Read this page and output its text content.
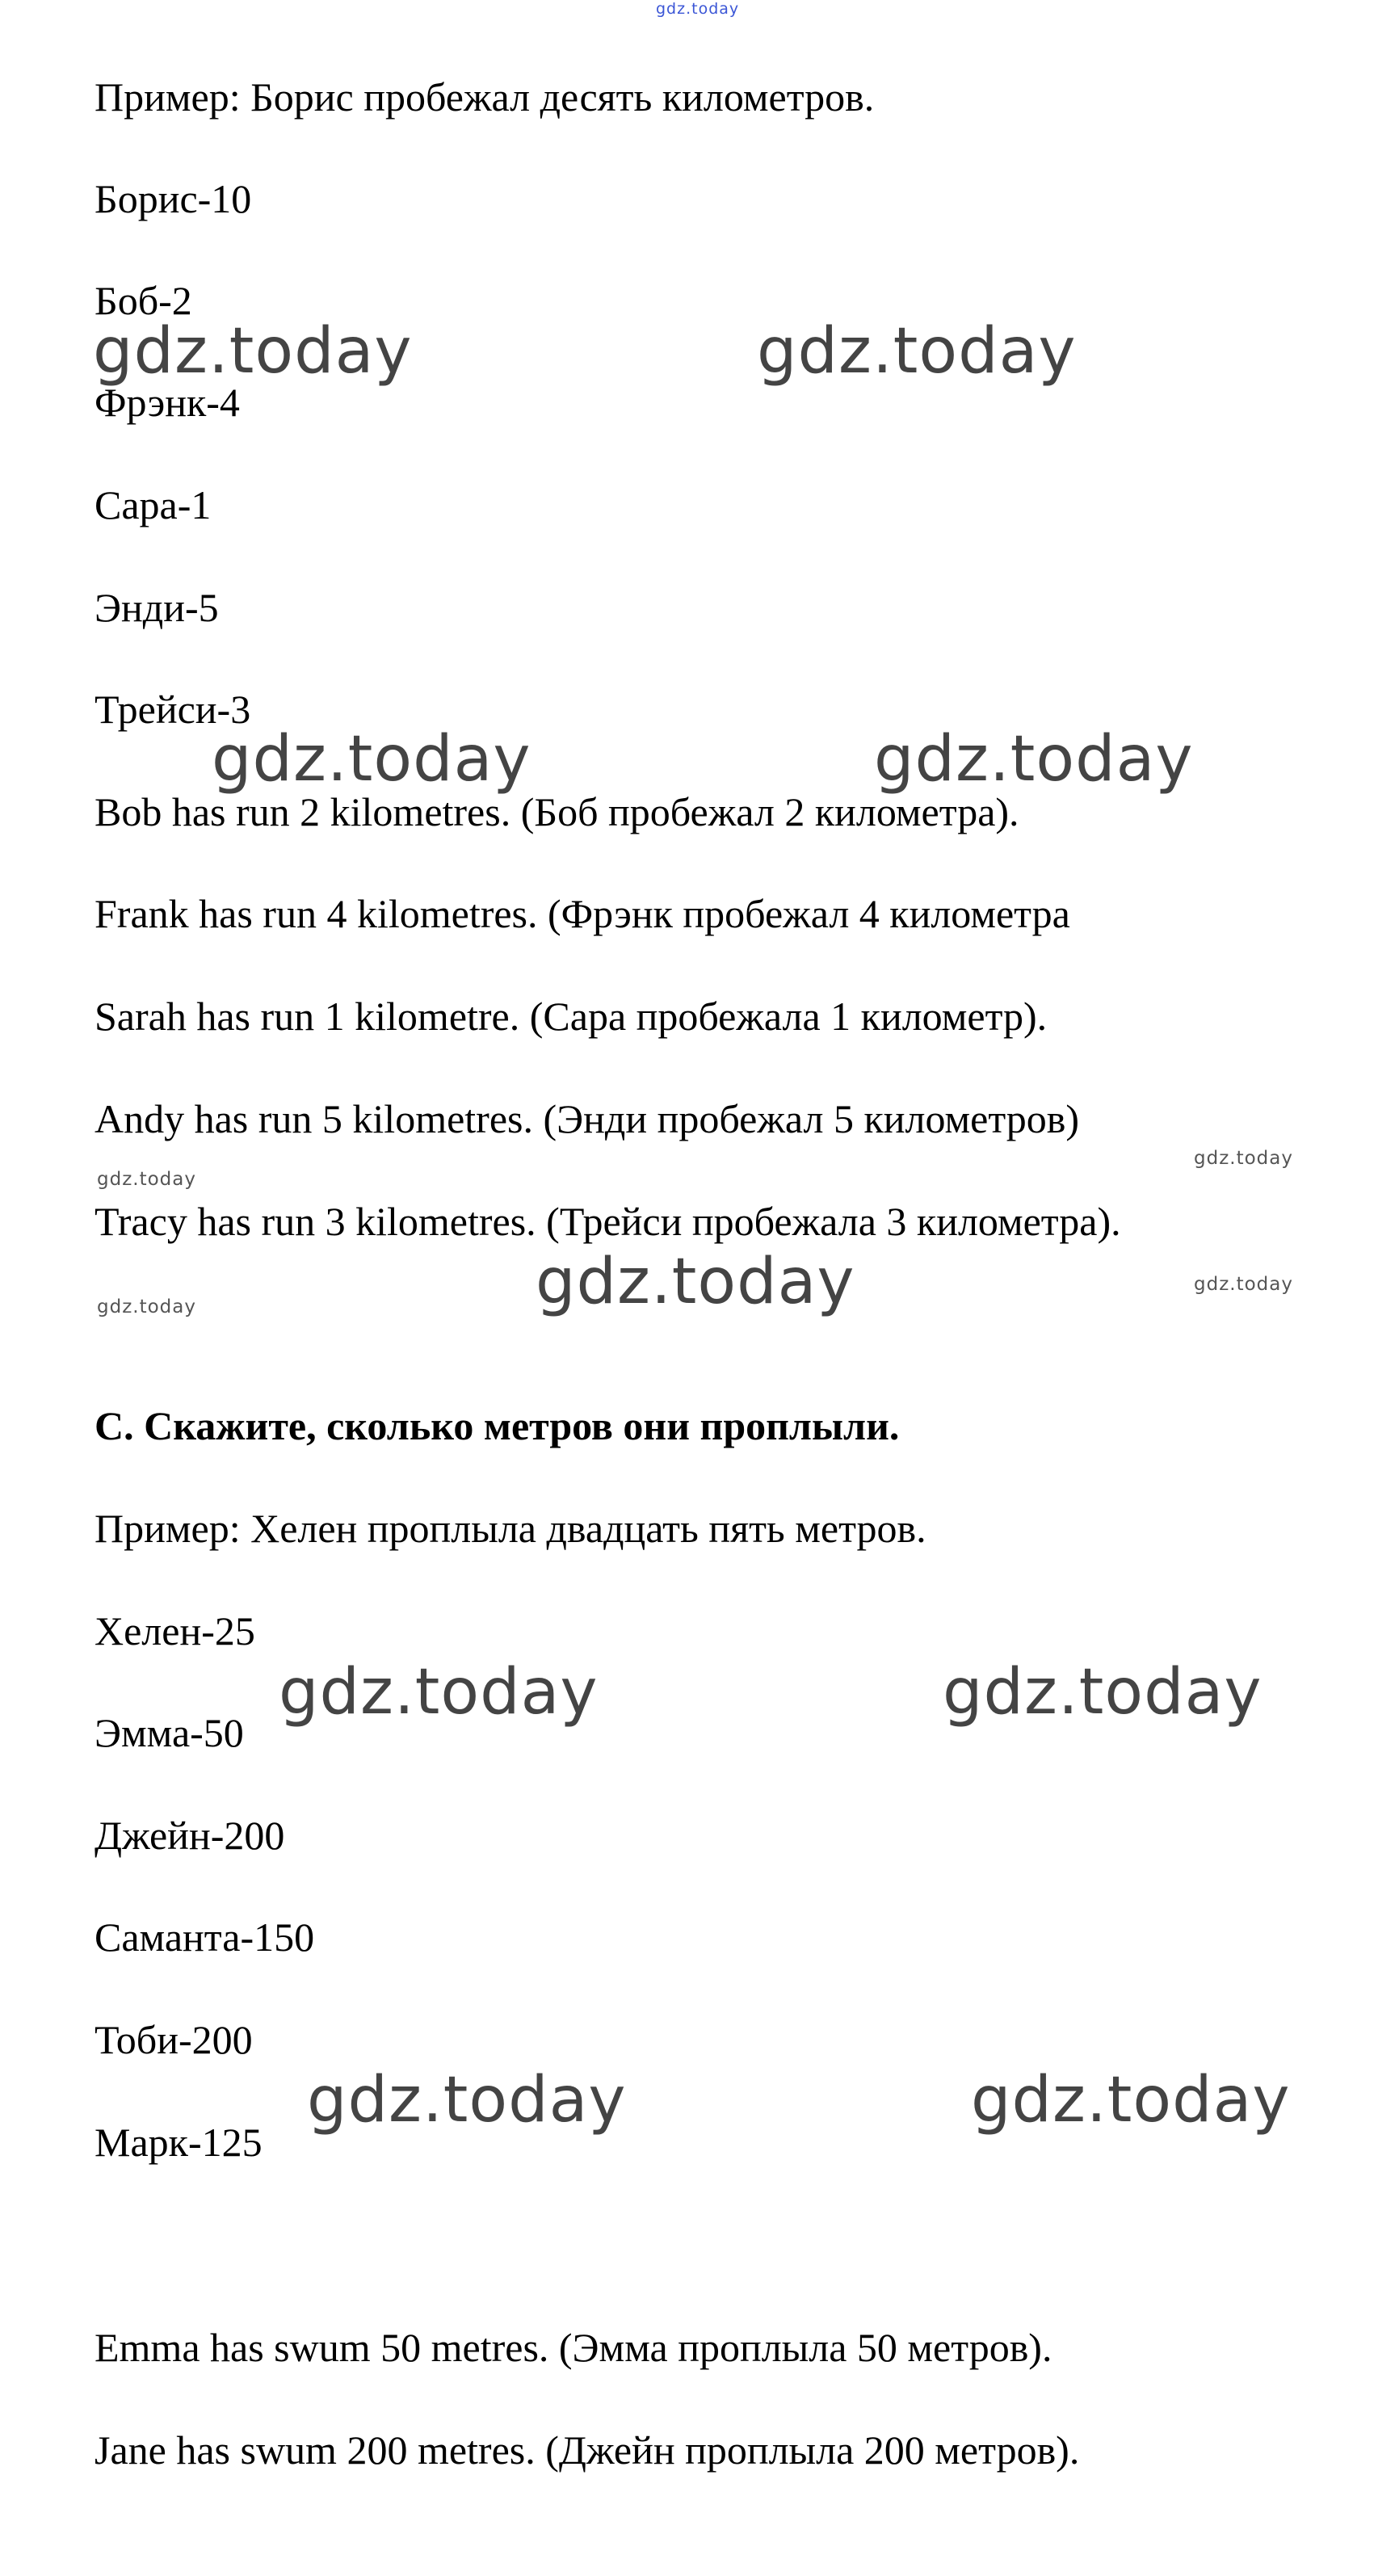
gdz.today
Пример: Борис пробежал десять километров.
Борис-10
Боб-2
Фрэнк-4
Сара-1
Энди-5
Трейси-3
Bob has run 2 kilometres. (Боб пробежал 2 километра).
Frank has run 4 kilometres. (Фрэнк пробежал 4 километра
Sarah has run 1 kilometre. (Сара пробежала 1 километр).
Andy has run 5 kilometres. (Энди пробежал 5 километров)
Tracy has run 3 kilometres. (Трейси пробежала 3 километра).
C. Скажите, сколько метров они проплыли.
Пример: Хелен проплыла двадцать пять метров.
Хелен-25
Эмма-50
Джейн-200
Саманта-150
Тоби-200
Марк-125
Emma has swum 50 metres. (Эмма проплыла 50 метров).
Jane has swum 200 metres. (Джейн проплыла 200 метров).
gdz.today	gdz.today
gdz.today	gdz.today
gdz.today
gdz.today	gdz.today
gdz.today	gdz.today
gdz.today
gdz.today
gdz.today
gdz.today
